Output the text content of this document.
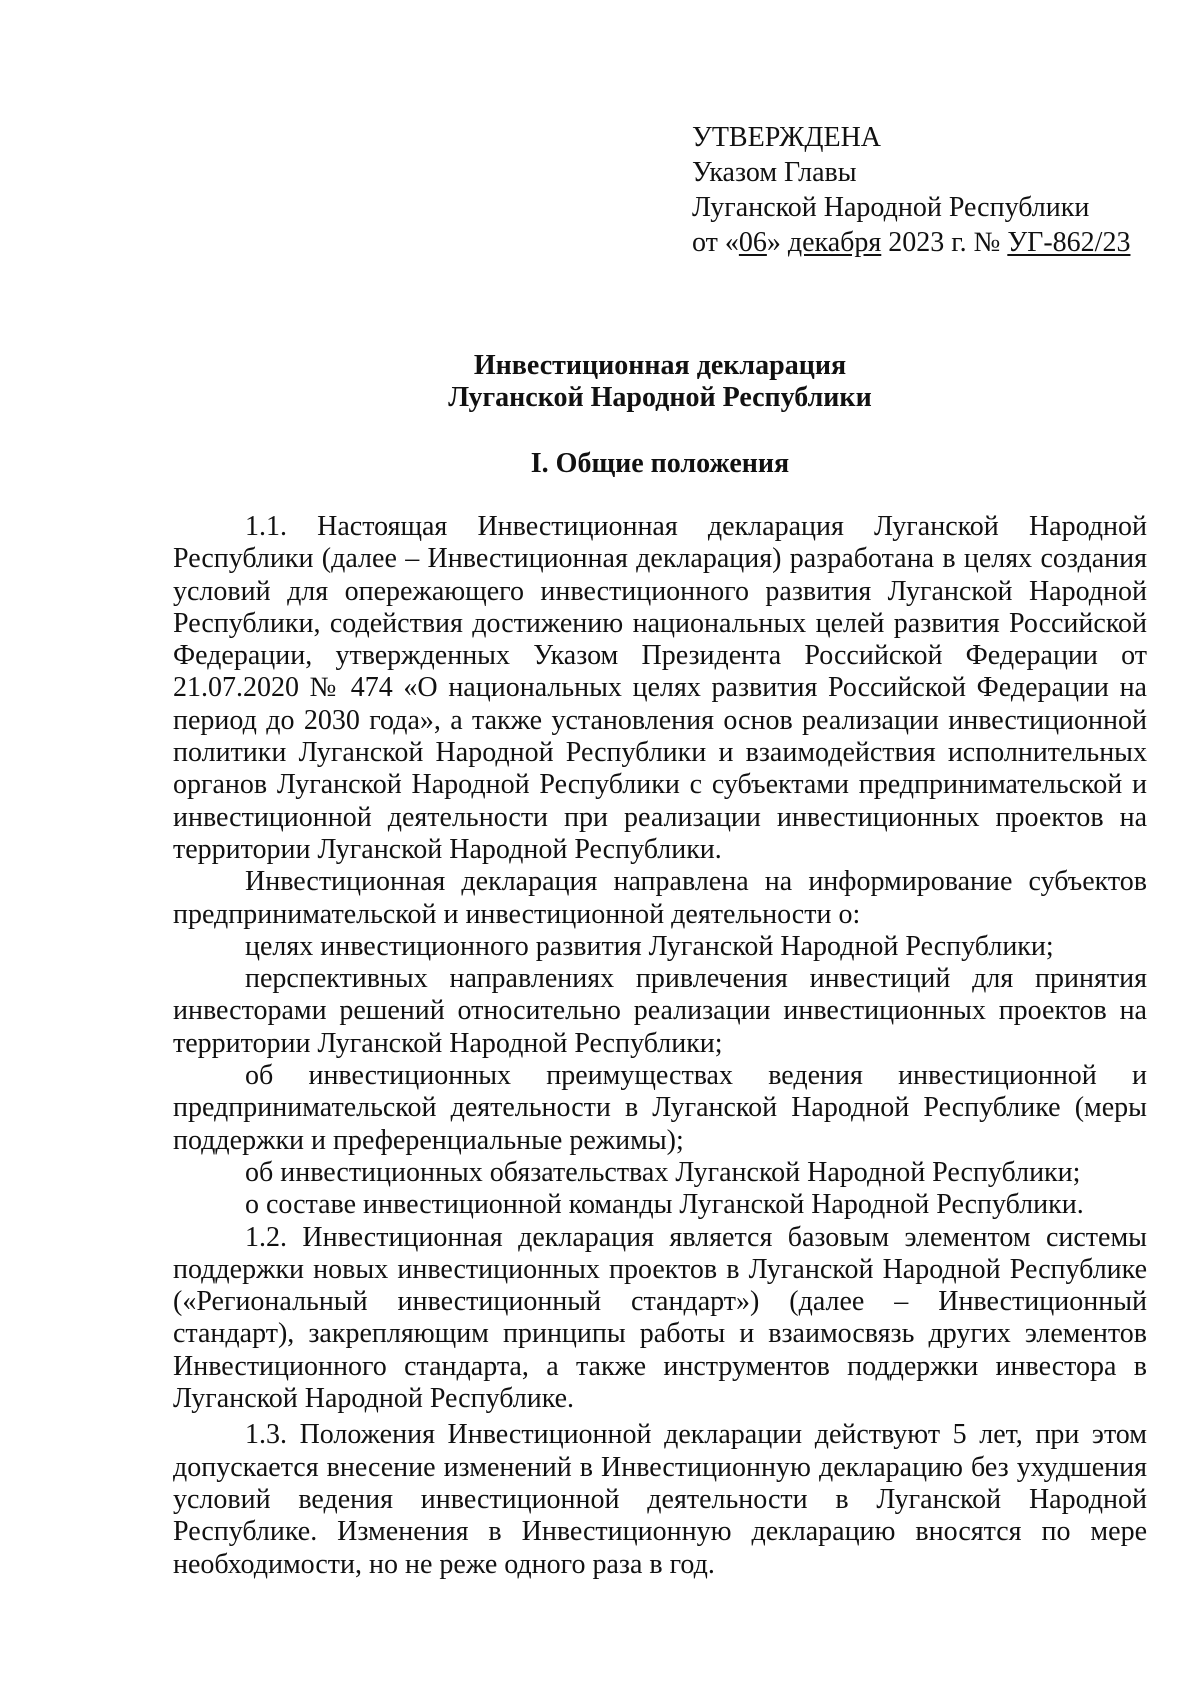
УТВЕРЖДЕНА
Указом Главы
Луганской Народной Республики
от «06» декабря 2023 г. № УГ-862/23
Инвестиционная декларация
Луганской Народной Республики
I. Общие положения

1.1. Настоящая Инвестиционная декларация Луганской Народной Республики (далее – Инвестиционная декларация) разработана в целях создания условий для опережающего инвестиционного развития Луганской Народной Республики, содействия достижению национальных целей развития Российской Федерации, утвержденных Указом Президента Российской Федерации от 21.07.2020 № 474 «О национальных целях развития Российской Федерации на период до 2030 года», а также установления основ реализации инвестиционной политики Луганской Народной Республики и взаимодействия исполнительных органов Луганской Народной Республики с субъектами предпринимательской и инвестиционной деятельности при реализации инвестиционных проектов на территории Луганской Народной Республики.

Инвестиционная декларация направлена на информирование субъектов предпринимательской и инвестиционной деятельности о:

целях инвестиционного развития Луганской Народной Республики;

перспективных направлениях привлечения инвестиций для принятия инвесторами решений относительно реализации инвестиционных проектов на территории Луганской Народной Республики;

об инвестиционных преимуществах ведения инвестиционной и предпринимательской деятельности в Луганской Народной Республике (меры поддержки и преференциальные режимы);

об инвестиционных обязательствах Луганской Народной Республики;

о составе инвестиционной команды Луганской Народной Республики.

1.2. Инвестиционная декларация является базовым элементом системы поддержки новых инвестиционных проектов в Луганской Народной Республике («Региональный инвестиционный стандарт») (далее – Инвестиционный стандарт), закрепляющим принципы работы и взаимосвязь других элементов Инвестиционного стандарта, а также инструментов поддержки инвестора в Луганской Народной Республике.

1.3. Положения Инвестиционной декларации действуют 5 лет, при этом допускается внесение изменений в Инвестиционную декларацию без ухудшения условий ведения инвестиционной деятельности в Луганской Народной Республике. Изменения в Инвестиционную декларацию вносятся по мере необходимости, но не реже одного раза в год.
